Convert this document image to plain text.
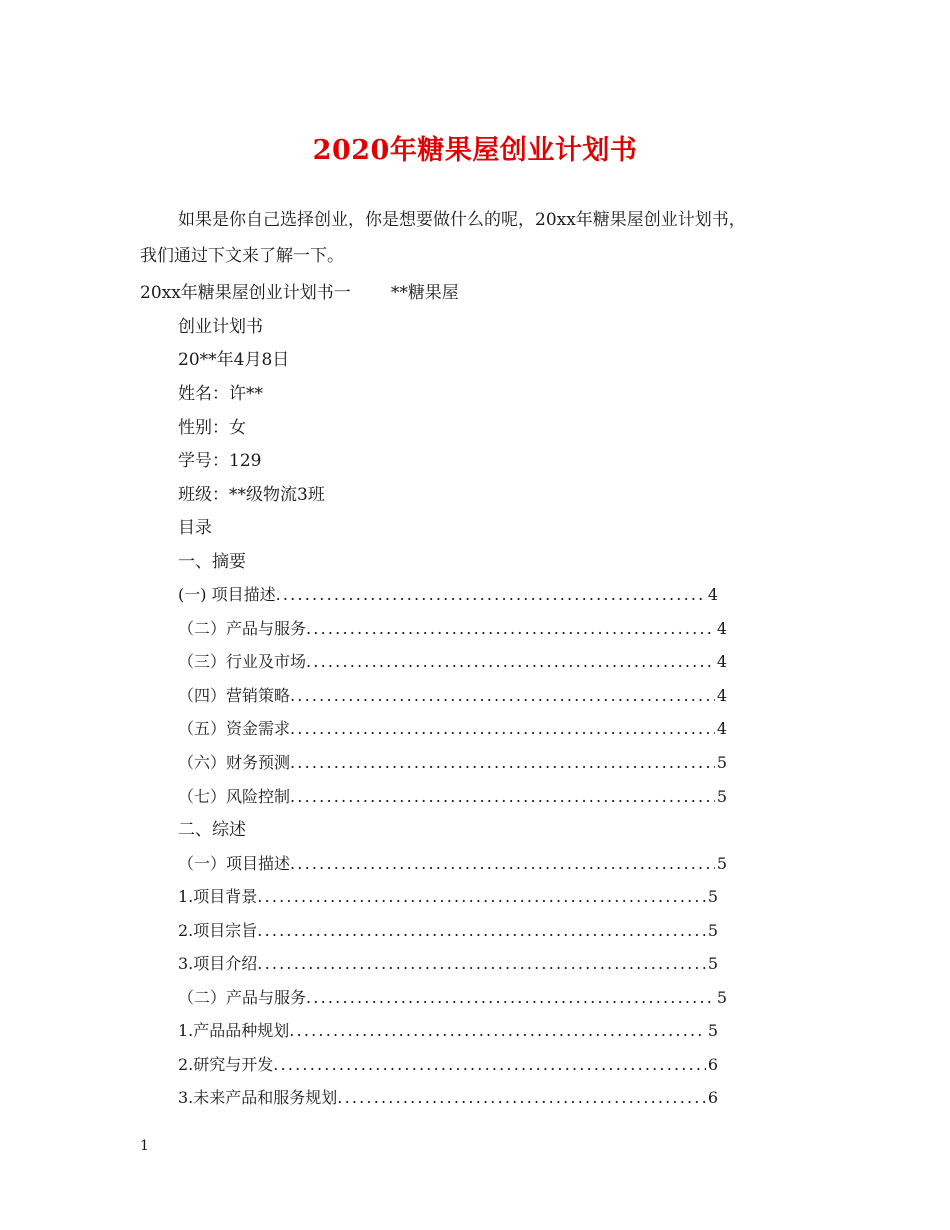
2020年糖果屋创业计划书
如果是你自己选择创业，你是想要做什么的呢，20xx年糖果屋创业计划书，
我们通过下文来了解一下。
20xx年糖果屋创业计划书一 **糖果屋
创业计划书
20**年4月8日
姓名：许**
性别：女
学号：129
班级：**级物流3班
目录
一、摘要
(一) 项目描述 .....	4
（二）产品与服务 .....	4
（三）行业及市场 .....	4
（四）营销策略 .....	4
（五）资金需求 .....	4
（六）财务预测 .....	5
（七）风险控制 .....	5
二、综述
（一）项目描述 .....	5
1.项目背景 .....	5
2.项目宗旨 .....	5
3.项目介绍 .....	5
（二）产品与服务 .....	5
1.产品品种规划 .....	5
2.研究与开发 .....	6
3.未来产品和服务规划 .....	6
1
